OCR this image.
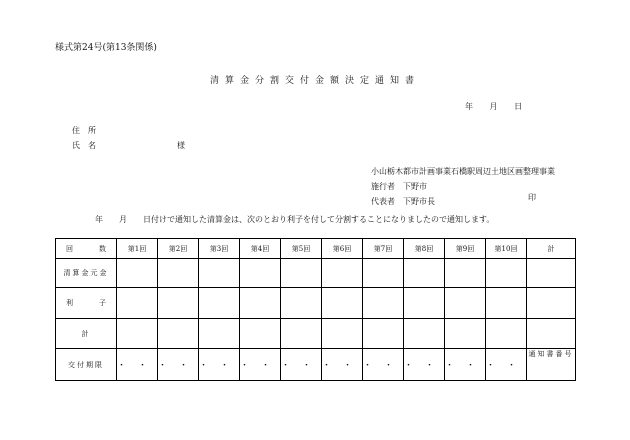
様式第24号(第13条関係)
清算金分割交付金額決定通知書
年 月 日
住所
氏名	様
小山栃木都市計画事業石橋駅周辺土地区画整理事業
施行者　下野市
代表者　下野市長	印
年　　月　　日付けで通知した清算金は、次のとおり利子を付して分割することになりましたので通知します。
回 数	第1回	第2回	第3回	第4回	第5回	第6回	第7回	第8回	第9回	第10回	計
清算金元金											

利 子											

計											
交付期限	・・	・・	・・	・・	・・	・・	・・	・・	・・	・・	通知書番号
